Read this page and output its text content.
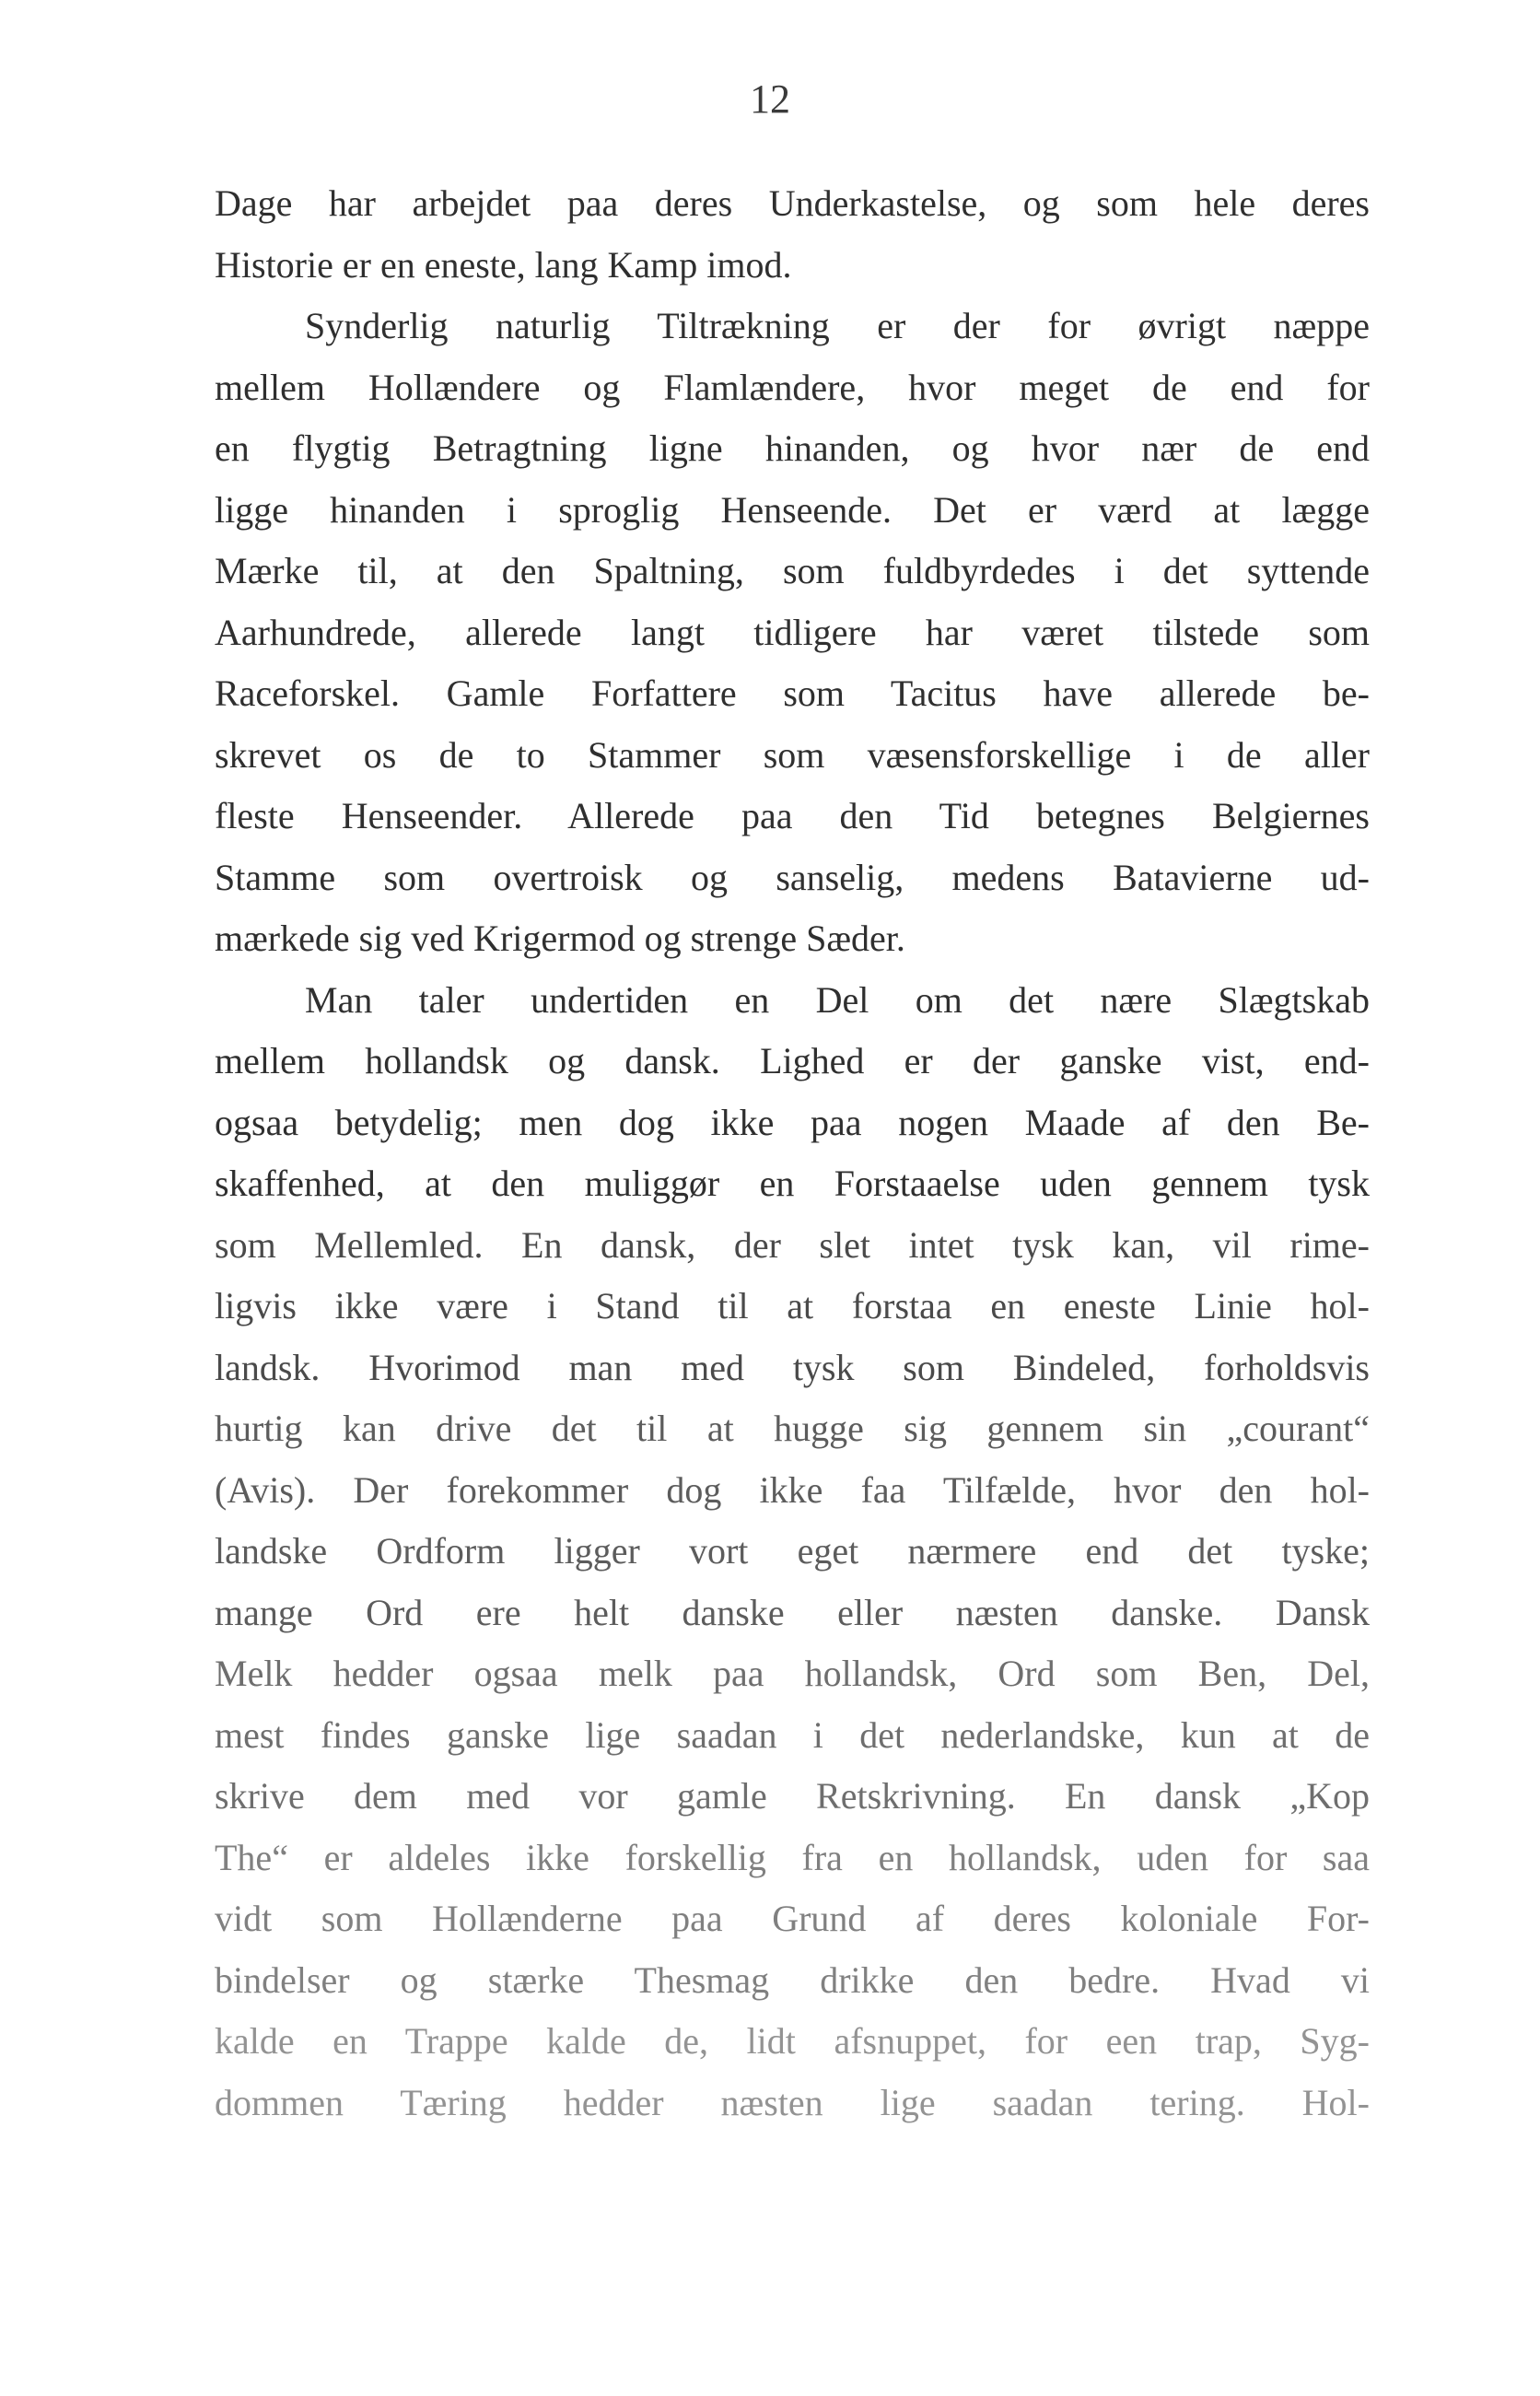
12

Dage har arbejdet paa deres Underkastelse, og som hele deres
Historie er en eneste, lang Kamp imod.
Synderlig naturlig Tiltrækning er der for øvrigt næppe
mellem Hollændere og Flamlændere, hvor meget de end for
en flygtig Betragtning ligne hinanden, og hvor nær de end
ligge hinanden i sproglig Henseende. Det er værd at lægge
Mærke til, at den Spaltning, som fuldbyrdedes i det syttende
Aarhundrede, allerede langt tidligere har været tilstede som
Raceforskel. Gamle Forfattere som Tacitus have allerede be-
skrevet os de to Stammer som væsensforskellige i de aller
fleste Henseender. Allerede paa den Tid betegnes Belgiernes
Stamme som overtroisk og sanselig, medens Batavierne ud-
mærkede sig ved Krigermod og strenge Sæder.
Man taler undertiden en Del om det nære Slægtskab
mellem hollandsk og dansk. Lighed er der ganske vist, end-
ogsaa betydelig; men dog ikke paa nogen Maade af den Be-
skaffenhed, at den muliggør en Forstaaelse uden gennem tysk
som Mellemled. En dansk, der slet intet tysk kan, vil rime-
ligvis ikke være i Stand til at forstaa en eneste Linie hol-
landsk. Hvorimod man med tysk som Bindeled, forholdsvis
hurtig kan drive det til at hugge sig gennem sin „courant“
(Avis). Der forekommer dog ikke faa Tilfælde, hvor den hol-
landske Ordform ligger vort eget nærmere end det tyske;
mange Ord ere helt danske eller næsten danske. Dansk
Melk hedder ogsaa melk paa hollandsk, Ord som Ben, Del,
mest findes ganske lige saadan i det nederlandske, kun at de
skrive dem med vor gamle Retskrivning. En dansk „Kop
The“ er aldeles ikke forskellig fra en hollandsk, uden for saa
vidt som Hollænderne paa Grund af deres koloniale For-
bindelser og stærke Thesmag drikke den bedre. Hvad vi
kalde en Trappe kalde de, lidt afsnuppet, for een trap, Syg-
dommen Tæring hedder næsten lige saadan tering. Hol-
